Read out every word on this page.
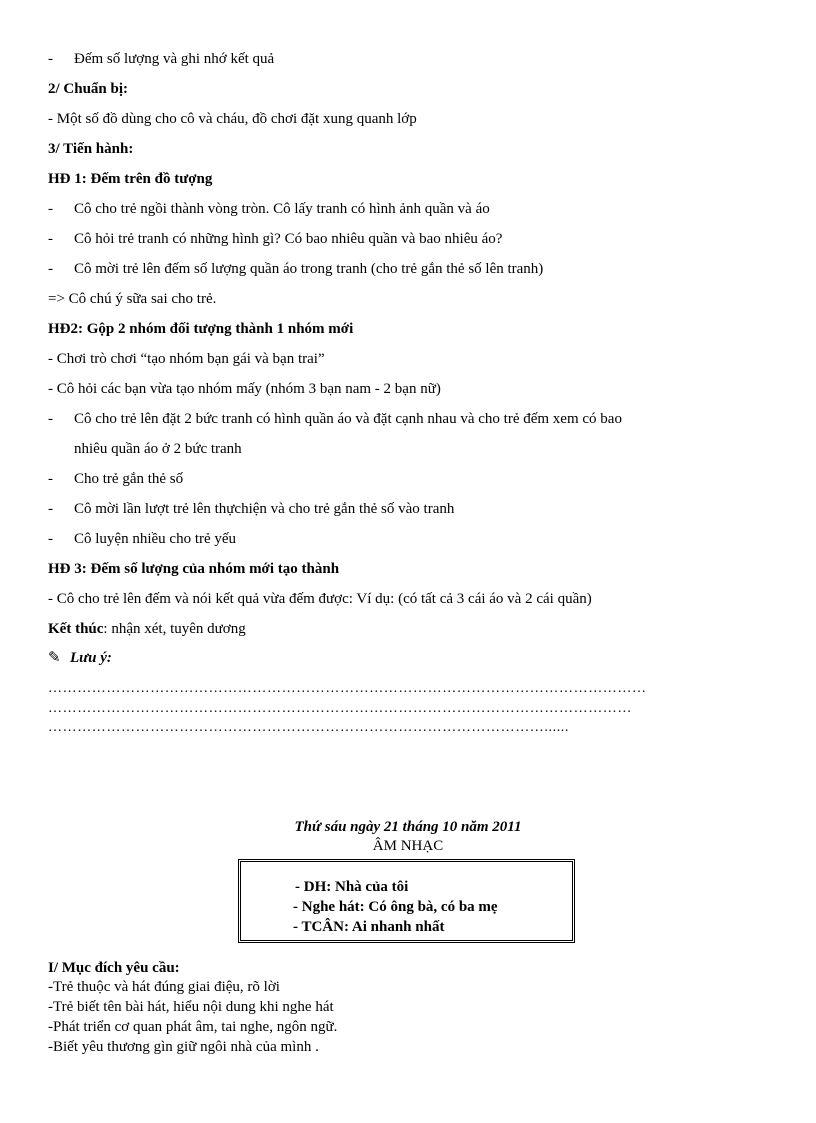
- Đếm số lượng và ghi nhớ kết quả
2/ Chuẩn bị:
- Một số đồ dùng cho cô và cháu, đồ chơi đặt xung quanh lớp
3/ Tiến hành:
HĐ 1: Đếm trên đồ tượng
- Cô cho trẻ ngồi thành vòng tròn. Cô lấy tranh có hình ảnh quần và áo
- Cô hỏi trẻ tranh có những hình gì? Có bao nhiêu quần và bao nhiêu áo?
- Cô mời trẻ lên đếm số lượng quần áo trong tranh (cho trẻ gắn thẻ số lên tranh)
=> Cô chú ý sữa sai cho trẻ.
HĐ2: Gộp 2 nhóm đối tượng thành 1 nhóm mới
- Chơi trò chơi “tạo nhóm bạn gái và bạn trai”
- Cô hỏi các bạn vừa tạo nhóm mấy (nhóm 3 bạn nam - 2 bạn nữ)
- Cô cho trẻ lên đặt 2 bức tranh có hình quần áo và đặt cạnh nhau và cho trẻ đếm xem có bao
nhiêu quần áo ở 2 bức tranh
- Cho trẻ gắn thẻ số
- Cô mời lần lượt trẻ lên thựchiện và cho trẻ gắn thẻ số vào tranh
- Cô luyện nhiều cho trẻ yếu
HĐ 3: Đếm số lượng của nhóm mới tạo thành
- Cô cho trẻ lên đếm và nói kết quả vừa đếm được: Ví dụ: (có tất cả 3 cái áo và 2 cái quần)
Kết thúc: nhận xét, tuyên dương
✎ Lưu ý:
……………………………………………………………………………………………………………
…………………………………………………………………………………………………………
…………………………………………………………………………………………......
Thứ sáu ngày 21 tháng 10 năm 2011
ÂM NHẠC
- DH: Nhà của tôi
- Nghe hát: Có ông bà, có ba mẹ
- TCÂN: Ai nhanh nhất
I/ Mục đích yêu cầu:
-Trẻ thuộc và hát đúng giai điệu, rõ lời
-Trẻ biết tên bài hát, hiểu nội dung khi nghe hát
-Phát triển cơ quan phát âm, tai nghe, ngôn ngữ.
-Biết yêu thương gìn giữ ngôi nhà của mình .
